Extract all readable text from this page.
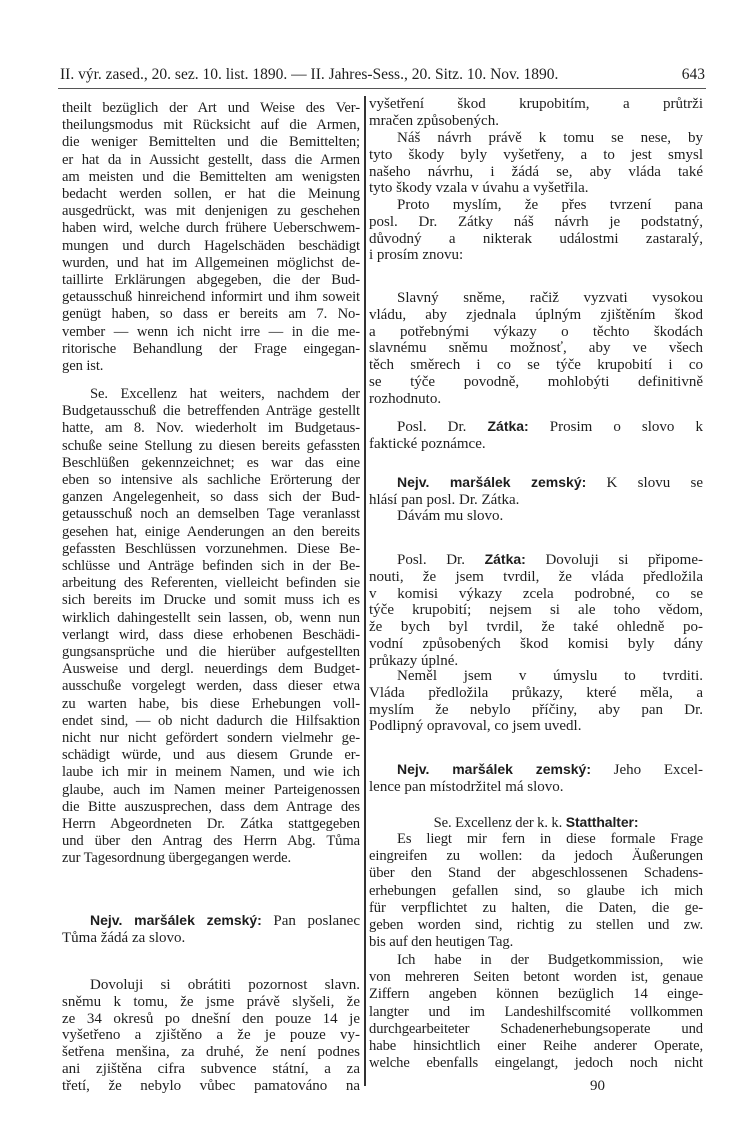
II. výr. zased., 20. sez. 10. list. 1890. — II. Jahres-Sess., 20. Sitz. 10. Nov. 1890.	643
theilt bezüglich der Art und Weise des Ver-
theilungsmodus mit Rücksicht auf die Armen,
die weniger Bemittelten und die Bemittelten;
er hat da in Aussicht gestellt, dass die Armen
am meisten und die Bemittelten am wenigsten
bedacht werden sollen, er hat die Meinung
ausgedrückt, was mit denjenigen zu geschehen
haben wird, welche durch frühere Ueberschwem-
mungen und durch Hagelschäden beschädigt
wurden, und hat im Allgemeinen möglichst de-
taillirte Erklärungen abgegeben, die der Bud-
getausschuß hinreichend informirt und ihm soweit
genügt haben, so dass er bereits am 7. No-
vember — wenn ich nicht irre — in die me-
ritorische Behandlung der Frage eingegan-
gen ist.
Se. Excellenz hat weiters, nachdem der
Budgetausschuß die betreffenden Anträge gestellt
hatte, am 8. Nov. wiederholt im Budgetaus-
schuße seine Stellung zu diesen bereits gefassten
Beschlüßen gekennzeichnet; es war das eine
eben so intensive als sachliche Erörterung der
ganzen Angelegenheit, so dass sich der Bud-
getausschuß noch an demselben Tage veranlasst
gesehen hat, einige Aenderungen an den bereits
gefassten Beschlüssen vorzunehmen. Diese Be-
schlüsse und Anträge befinden sich in der Be-
arbeitung des Referenten, vielleicht befinden sie
sich bereits im Drucke und somit muss ich es
wirklich dahingestellt sein lassen, ob, wenn nun
verlangt wird, dass diese erhobenen Beschädi-
gungsansprüche und die hierüber aufgestellten
Ausweise und dergl. neuerdings dem Budget-
ausschuße vorgelegt werden, dass dieser etwa
zu warten habe, bis diese Erhebungen voll-
endet sind, — ob nicht dadurch die Hilfsaktion
nicht nur nicht gefördert sondern vielmehr ge-
schädigt würde, und aus diesem Grunde er-
laube ich mir in meinem Namen, und wie ich
glaube, auch im Namen meiner Parteigenossen
die Bitte auszusprechen, dass dem Antrage des
Herrn Abgeordneten Dr. Zátka stattgegeben
und über den Antrag des Herrn Abg. Tůma
zur Tagesordnung übergegangen werde.
Nejv. maršálek zemský: Pan poslanec
Tůma žádá za slovo.
Dovoluji si obrátiti pozornost slavn.
sněmu k tomu, že jsme právě slyšeli, že
ze 34 okresů po dnešní den pouze 14 je
vyšetřeno a zjištěno a že je pouze vy-
šetřena menšina, za druhé, že není podnes
ani zjištěna cifra subvence státní, a za
třetí, že nebylo vůbec pamatováno na
vyšetření škod krupobitím, a průtrži
mračen způsobených.
Náš návrh právě k tomu se nese, by
tyto škody byly vyšetřeny, a to jest smysl
našeho návrhu, i žádá se, aby vláda také
tyto škody vzala v úvahu a vyšetřila.
Proto myslím, že přes tvrzení pana
posl. Dr. Zátky náš návrh je podstatný,
důvodný a nikterak událostmi zastaralý,
i prosím znovu:
Slavný sněme, račiž vyzvati vysokou
vládu, aby zjednala úplným zjištěním škod
a potřebnými výkazy o těchto škodách
slavnému sněmu možnosť, aby ve všech
těch směrech i co se týče krupobití i co
se týče povodně, mohlobýti definitivně
rozhodnuto.
Posl. Dr. Zátka: Prosim o slovo k
faktické poznámce.
Nejv. maršálek zemský: K slovu se
hlásí pan posl. Dr. Zátka.
Dávám mu slovo.
Posl. Dr. Zátka: Dovoluji si připome-
nouti, že jsem tvrdil, že vláda předložila
v komisi výkazy zcela podrobné, co se
týče krupobití; nejsem si ale toho vědom,
že bych byl tvrdil, že také ohledně po-
vodní způsobených škod komisi byly dány
průkazy úplné.
Neměl jsem v úmyslu to tvrditi.
Vláda předložila průkazy, které měla, a
myslím že nebylo příčiny, aby pan Dr.
Podlipný opravoval, co jsem uvedl.
Nejv. maršálek zemský: Jeho Excel-
lence pan místodržitel má slovo.
Se. Excellenz der k. k. Statthalter:
Es liegt mir fern in diese formale Frage
eingreifen zu wollen: da jedoch Äußerungen
über den Stand der abgeschlossenen Schadens-
erhebungen gefallen sind, so glaube ich mich
für verpflichtet zu halten, die Daten, die ge-
geben worden sind, richtig zu stellen und zw.
bis auf den heutigen Tag.
Ich habe in der Budgetkommission, wie
von mehreren Seiten betont worden ist, genaue
Ziffern angeben können bezüglich 14 einge-
langter und im Landeshilfscomité vollkommen
durchgearbeiteter Schadenerhebungsoperate und
habe hinsichtlich einer Reihe anderer Operate,
welche ebenfalls eingelangt, jedoch noch nicht
90
